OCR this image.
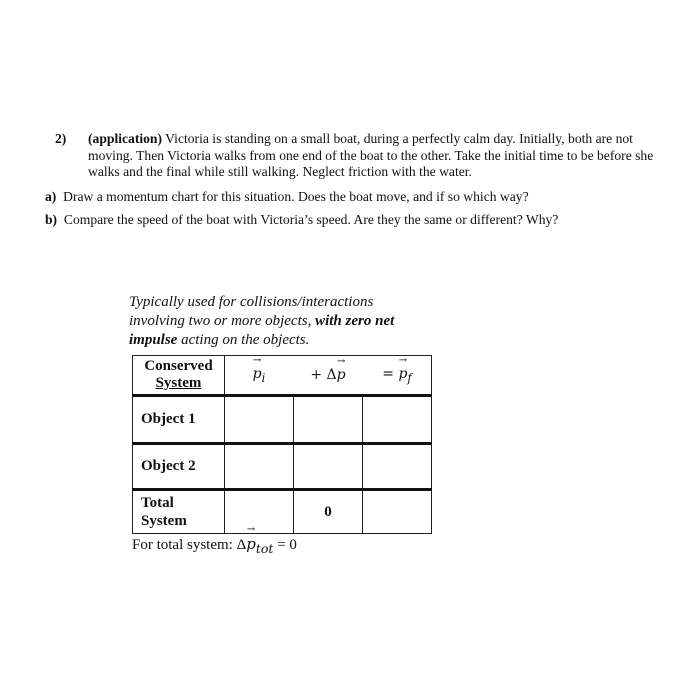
2) (application) Victoria is standing on a small boat, during a perfectly calm day. Initially, both are not moving. Then Victoria walks from one end of the boat to the other. Take the initial time to be before she walks and the final while still walking. Neglect friction with the water.
a) Draw a momentum chart for this situation. Does the boat move, and if so which way?
b) Compare the speed of the boat with Victoria’s speed. Are they the same or different? Why?
Typically used for collisions/interactions involving two or more objects, with zero net impulse acting on the objects.
Conserved
System	→ $p_i$	+ Δ→ p	= → $p_f$
Object 1			
Object 2			
Total
System		0	
For total system: $\Delta\to p_{tot} = 0$
